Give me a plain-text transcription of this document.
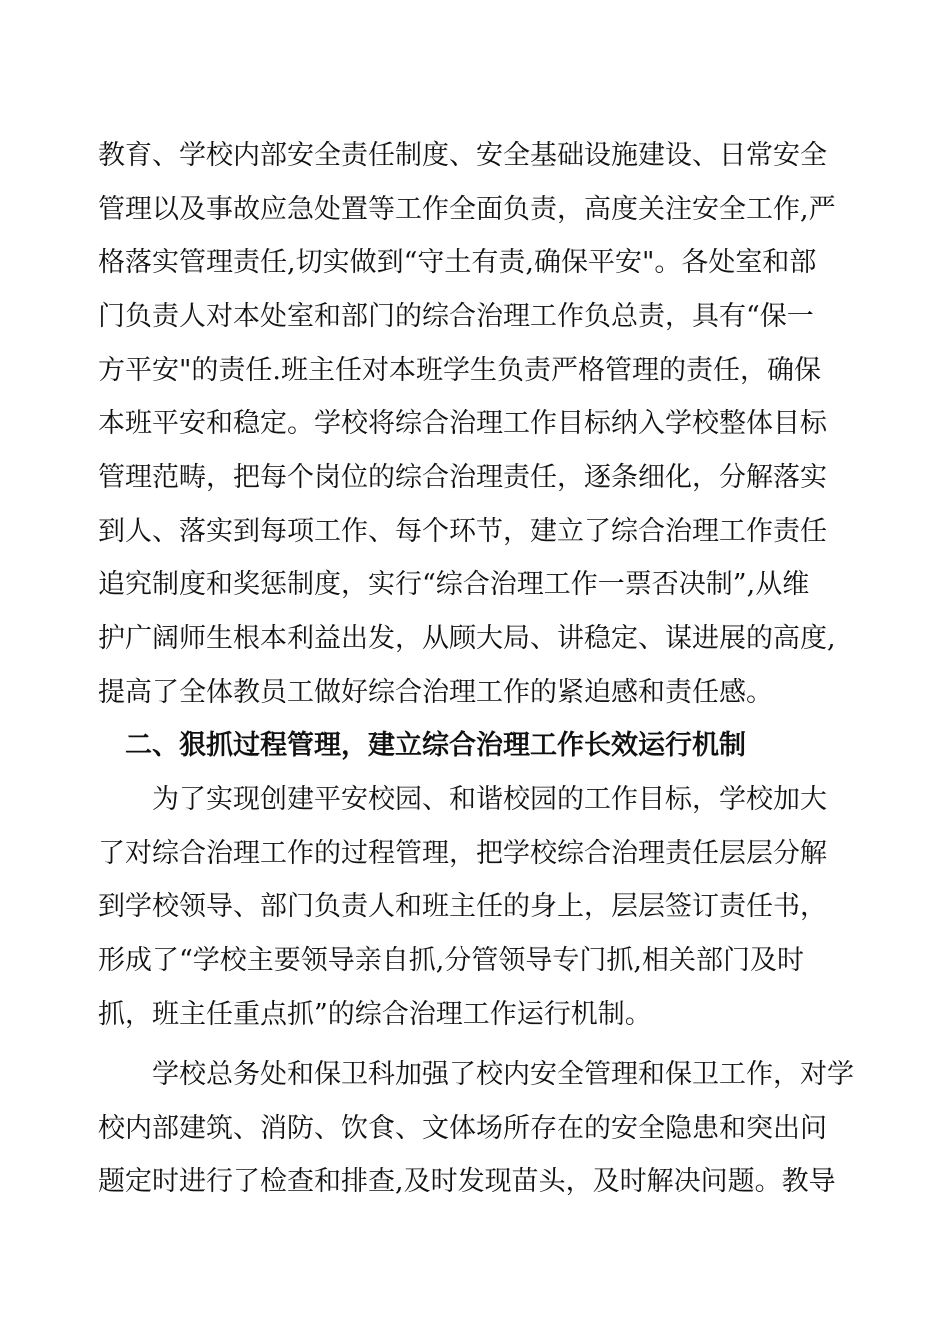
教育、学校内部安全责任制度、安全基础设施建设、日常安全
管理以及事故应急处置等工作全面负责，高度关注安全工作,严
格落实管理责任,切实做到“守土有责,确保平安"。各处室和部
门负责人对本处室和部门的综合治理工作负总责，具有“保一
方平安"的责任.班主任对本班学生负责严格管理的责任，确保
本班平安和稳定。学校将综合治理工作目标纳入学校整体目标
管理范畴，把每个岗位的综合治理责任，逐条细化，分解落实
到人、落实到每项工作、每个环节，建立了综合治理工作责任
追究制度和奖惩制度，实行“综合治理工作一票否决制”,从维
护广阔师生根本利益出发，从顾大局、讲稳定、谋进展的高度,
提高了全体教员工做好综合治理工作的紧迫感和责任感。
二、狠抓过程管理，建立综合治理工作长效运行机制
为了实现创建平安校园、和谐校园的工作目标，学校加大
了对综合治理工作的过程管理，把学校综合治理责任层层分解
到学校领导、部门负责人和班主任的身上，层层签订责任书，
形成了“学校主要领导亲自抓,分管领导专门抓,相关部门及时
抓，班主任重点抓”的综合治理工作运行机制。
学校总务处和保卫科加强了校内安全管理和保卫工作，对学
校内部建筑、消防、饮食、文体场所存在的安全隐患和突出问
题定时进行了检查和排查,及时发现苗头，及时解决问题。教导
